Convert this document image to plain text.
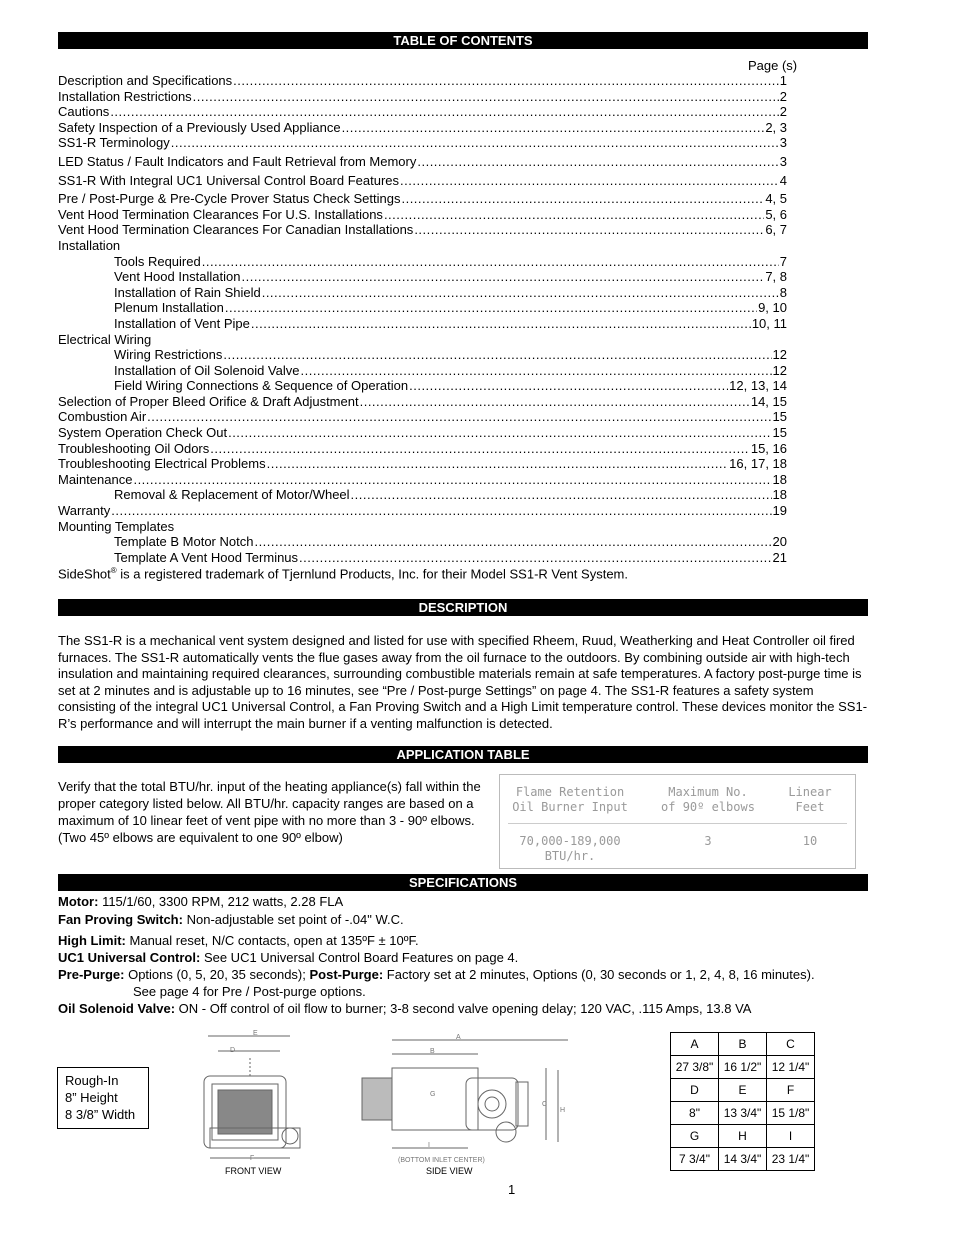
TABLE OF CONTENTS
Page (s)
Description and Specifications .....	1
Installation Restrictions .....	2
Cautions .....	2
Safety Inspection of a Previously Used Appliance .....	2, 3
SS1-R Terminology .....	3
LED Status / Fault Indicators and Fault Retrieval from Memory .....	3
SS1-R With Integral UC1 Universal Control Board Features .....	4
Pre / Post-Purge & Pre-Cycle Prover Status Check Settings .....	4, 5
Vent Hood Termination Clearances For U.S. Installations .....	5, 6
Vent Hood Termination Clearances For Canadian Installations .....	6, 7
Installation
Tools Required .....	7
Vent Hood Installation .....	7, 8
Installation of Rain Shield .....	8
Plenum Installation .....	9, 10
Installation of Vent Pipe .....	10, 11
Electrical Wiring
Wiring Restrictions .....	12
Installation of Oil Solenoid Valve .....	12
Field Wiring Connections & Sequence of Operation .....	12, 13, 14
Selection of Proper Bleed Orifice & Draft Adjustment .....	14, 15
Combustion Air .....	15
System Operation Check Out .....	15
Troubleshooting Oil Odors .....	15, 16
Troubleshooting Electrical Problems .....	16, 17, 18
Maintenance .....	18
Removal & Replacement of Motor/Wheel .....	18
Warranty .....	19
Mounting Templates
Template B Motor Notch .....	20
Template A Vent Hood Terminus .....	21
SideShot® is a registered trademark of Tjernlund Products, Inc. for their Model SS1-R Vent System.
DESCRIPTION
The SS1-R is a mechanical vent system designed and listed for use with specified Rheem, Ruud, Weatherking and Heat Controller oil fired furnaces. The SS1-R automatically vents the flue gases away from the oil furnace to the outdoors. By combining outside air with high-tech insulation and maintaining required clearances, surrounding combustible materials remain at safe temperatures. A factory post-purge time is set at 2 minutes and is adjustable up to 16 minutes, see “Pre / Post-purge Settings” on page 4. The SS1-R features a safety system consisting of the integral UC1 Universal Control, a Fan Proving Switch and a High Limit temperature control. These devices monitor the SS1-R’s performance and will interrupt the main burner if a venting malfunction is detected.
APPLICATION TABLE
Verify that the total BTU/hr. input of the heating appliance(s) fall within the proper category listed below. All BTU/hr. capacity ranges are based on a maximum of 10 linear feet of vent pipe with no more than 3 - 90º elbows. (Two 45º elbows are equivalent to one 90º elbow)
Flame Retention
Oil Burner Input
Maximum No.
of 90º elbows
Linear
Feet
70,000-189,000
BTU/hr.
3	10
SPECIFICATIONS
Motor: 115/1/60, 3300 RPM, 212 watts, 2.28 FLA
Fan Proving Switch: Non-adjustable set point of -.04" W.C.
High Limit: Manual reset, N/C contacts, open at 135ºF ± 10ºF.
UC1 Universal Control: See UC1 Universal Control Board Features on page 4.
Pre-Purge: Options (0, 5, 20, 35 seconds); Post-Purge: Factory set at 2 minutes, Options (0, 30 seconds or 1, 2, 4, 8, 16 minutes).
See page 4 for Pre / Post-purge options.
Oil Solenoid Valve: ON - Off control of oil flow to burner; 3-8 second valve opening delay; 120 VAC, .115 Amps, 13.8 VA
Rough-In
8” Height
8 3/8” Width
E
D
F
FRONT VIEW
A
B
G
C
H
I
(BOTTOM INLET CENTER)
SIDE VIEW
A	B	C
27 3/8"	16 1/2"	12 1/4"
D	E	F
8"	13 3/4"	15 1/8"
G	H	I
7 3/4"	14 3/4"	23 1/4"
1
